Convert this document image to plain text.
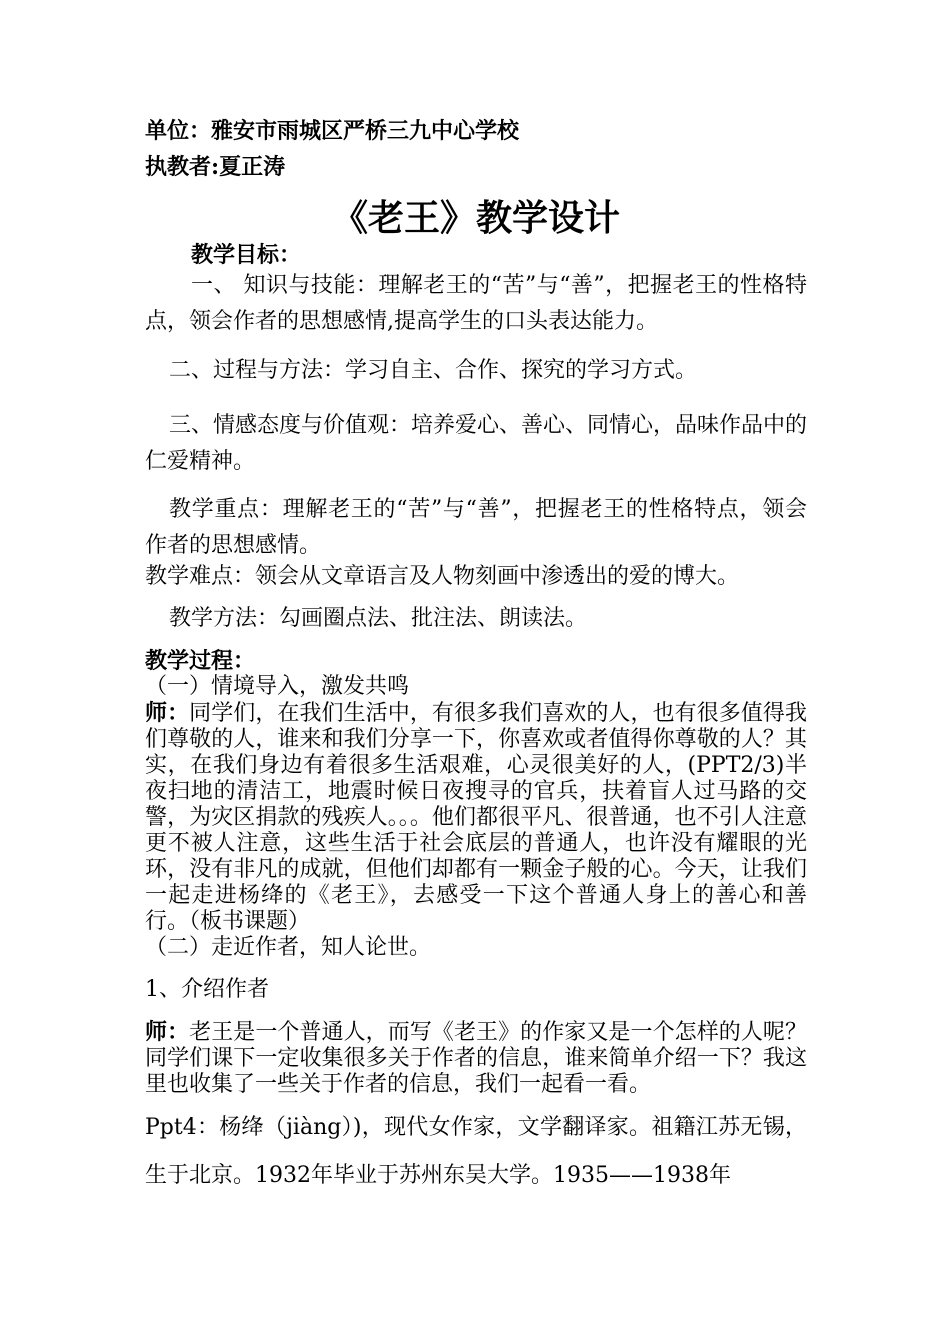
单位：雅安市雨城区严桥三九中心学校

执教者:夏正涛

《老王》教学设计

教学目标：

一、 知识与技能：理解老王的“苦”与“善”，把握老王的性格特点，领会作者的思想感情,提高学生的口头表达能力。

二、过程与方法：学习自主、合作、探究的学习方式。

三、情感态度与价值观：培养爱心、善心、同情心，品味作品中的仁爱精神。

教学重点：理解老王的“苦”与“善”，把握老王的性格特点，领会作者的思想感情。

教学难点：领会从文章语言及人物刻画中渗透出的爱的博大。

教学方法：勾画圈点法、批注法、朗读法。

教学过程：

（一）情境导入，激发共鸣

师：同学们，在我们生活中，有很多我们喜欢的人，也有很多值得我们尊敬的人，谁来和我们分享一下，你喜欢或者值得你尊敬的人？其实，在我们身边有着很多生活艰难，心灵很美好的人，(PPT2/3)半夜扫地的清洁工，地震时候日夜搜寻的官兵，扶着盲人过马路的交警，为灾区捐款的残疾人。。。他们都很平凡、很普通，也不引人注意更不被人注意，这些生活于社会底层的普通人，也许没有耀眼的光环，没有非凡的成就，但他们却都有一颗金子般的心。今天，让我们一起走进杨绛的《老王》，去感受一下这个普通人身上的善心和善行。（板书课题）

（二）走近作者，知人论世。

1、介绍作者

师：老王是一个普通人，而写《老王》的作家又是一个怎样的人呢？同学们课下一定收集很多关于作者的信息，谁来简单介绍一下？我这里也收集了一些关于作者的信息，我们一起看一看。

Ppt4：杨绛（jiàng）)，现代女作家，文学翻译家。祖籍江苏无锡，生于北京。1932年毕业于苏州东吴大学。1935——1938年
